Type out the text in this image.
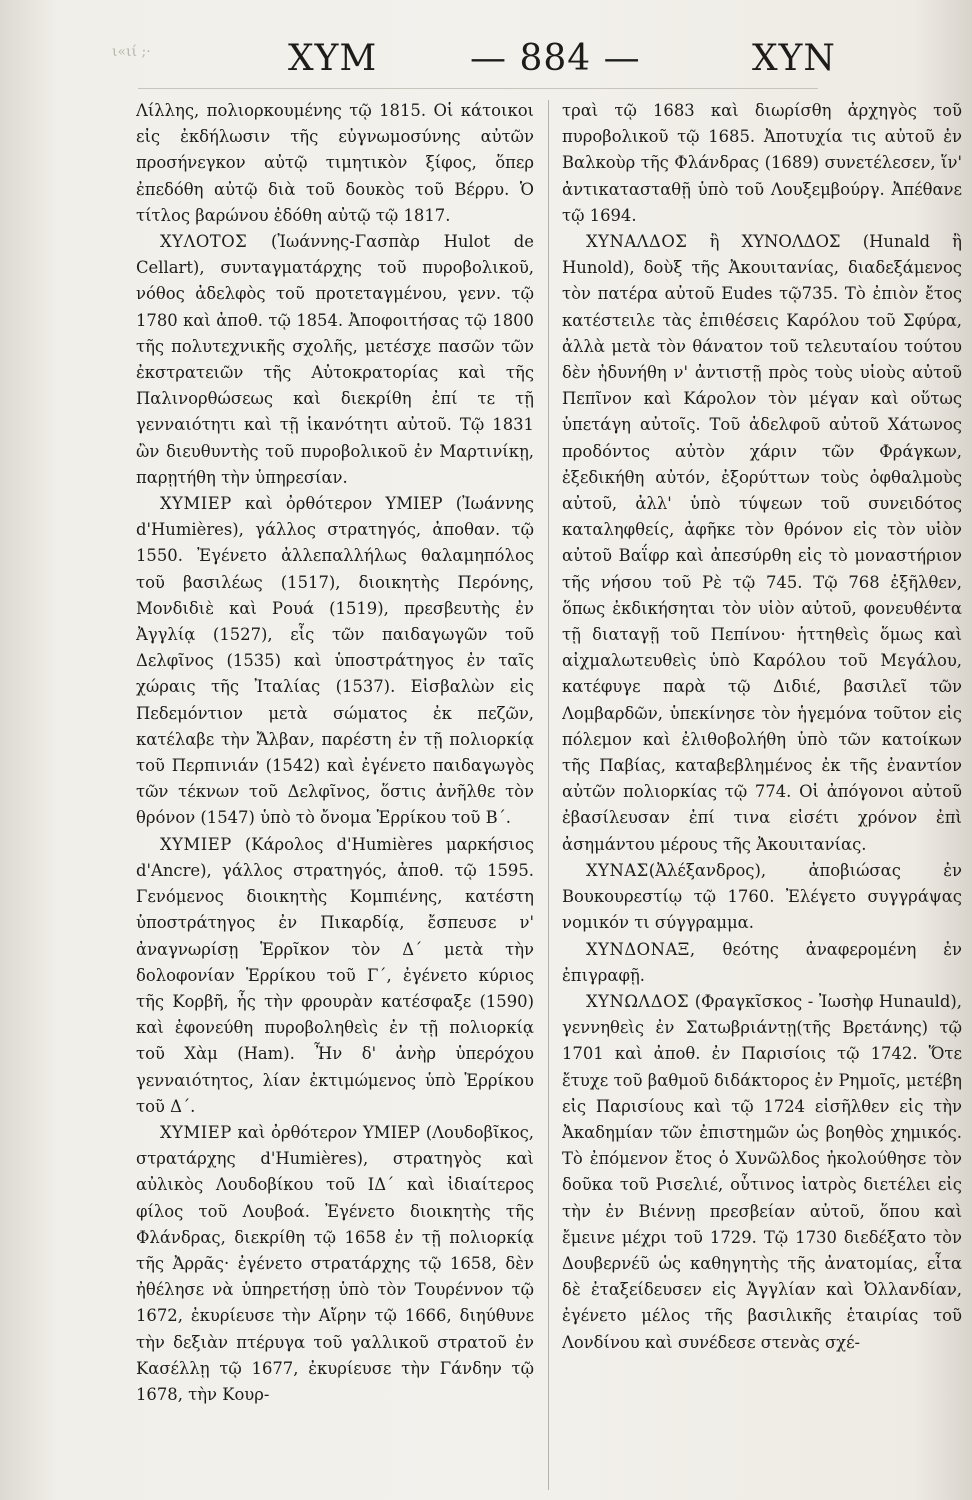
ι«ιί ;·	ΧΥΜ	— 884 —	ΧΥΝ

Λίλλης, πολιορκουμένης τῷ 1815. Οἱ κάτοικοι εἰς ἐκδήλωσιν τῆς εὐγνωμοσύνης αὐτῶν προσήνεγκον αὐτῷ τιμητικὸν ξίφος, ὅπερ ἐπεδόθη αὐτῷ διὰ τοῦ δουκὸς τοῦ Βέρρυ. Ὁ τίτλος βαρώνου ἐδόθη αὐτῷ τῷ 1817.

ΧΥΛΟΤΟΣ (Ἰωάννης-Γασπὰρ Hulot de Cellart), συνταγματάρχης τοῦ πυροβολικοῦ, νόθος ἀδελφὸς τοῦ προτεταγμένου, γενν. τῷ 1780 καὶ ἀποθ. τῷ 1854. Ἀποφοιτήσας τῷ 1800 τῆς πολυτεχνικῆς σχολῆς, μετέσχε πασῶν τῶν ἐκστρατειῶν τῆς Αὐτοκρατορίας καὶ τῆς Παλινορθώσεως καὶ διεκρίθη ἐπί τε τῇ γενναιότητι καὶ τῇ ἱκανότητι αὐτοῦ. Τῷ 1831 ὢν διευθυντὴς τοῦ πυροβολικοῦ ἐν Μαρτινίκῃ, παρῃτήθη τὴν ὑπηρεσίαν.

ΧΥΜΙΕΡ καὶ ὀρθότερον ΥΜΙΕΡ (Ἰωάννης d'Humières), γάλλος στρατηγός, ἀποθαν. τῷ 1550. Ἐγένετο ἀλλεπαλλήλως θαλαμηπόλος τοῦ βασιλέως (1517), διοικητὴς Περόνης, Μονδιδιὲ καὶ Ρουά (1519), πρεσβευτὴς ἐν Ἀγγλίᾳ (1527), εἷς τῶν παιδαγωγῶν τοῦ Δελφῖνος (1535) καὶ ὑποστράτηγος ἐν ταῖς χώραις τῆς Ἰταλίας (1537). Εἰσβαλὼν εἰς Πεδεμόντιον μετὰ σώματος ἐκ πεζῶν, κατέλαβε τὴν Ἄλβαν, παρέστη ἐν τῇ πολιορκίᾳ τοῦ Περπινιάν (1542) καὶ ἐγένετο παιδαγωγὸς τῶν τέκνων τοῦ Δελφῖνος, ὅστις ἀνῆλθε τὸν θρόνον (1547) ὑπὸ τὸ ὄνομα Ἑρρίκου τοῦ Β΄.

ΧΥΜΙΕΡ (Κάρολος d'Humières μαρκήσιος d'Ancre), γάλλος στρατηγός, ἀποθ. τῷ 1595. Γενόμενος διοικητὴς Κομπιένης, κατέστη ὑποστράτηγος ἐν Πικαρδίᾳ, ἔσπευσε ν' ἀναγνωρίσῃ Ἑρρῖκον τὸν Δ΄ μετὰ τὴν δολοφονίαν Ἑρρίκου τοῦ Γ΄, ἐγένετο κύριος τῆς Κορβῆ, ἧς τὴν φρουρὰν κατέσφαξε (1590) καὶ ἐφονεύθη πυροβοληθεὶς ἐν τῇ πολιορκίᾳ τοῦ Χὰμ (Ham). Ἦν δ' ἀνὴρ ὑπερόχου γενναιότητος, λίαν ἐκτιμώμενος ὑπὸ Ἑρρίκου τοῦ Δ΄.

ΧΥΜΙΕΡ καὶ ὀρθότερον ΥΜΙΕΡ (Λουδοβῖκος, στρατάρχης d'Humières), στρατηγὸς καὶ αὐλικὸς Λουδοβίκου τοῦ ΙΔ΄ καὶ ἰδιαίτερος φίλος τοῦ Λουβοά. Ἐγένετο διοικητὴς τῆς Φλάνδρας, διεκρίθη τῷ 1658 ἐν τῇ πολιορκίᾳ τῆς Ἀρρᾶς· ἐγένετο στρατάρχης τῷ 1658, δὲν ἠθέλησε νὰ ὑπηρετήσῃ ὑπὸ τὸν Τουρέννον τῷ 1672, ἐκυρίευσε τὴν Αἴρην τῷ 1666, διηύθυνε τὴν δεξιὰν πτέρυγα τοῦ γαλλικοῦ στρατοῦ ἐν Κασέλλῃ τῷ 1677, ἐκυρίευσε τὴν Γάνδην τῷ 1678, τὴν Κουρ-

τραὶ τῷ 1683 καὶ διωρίσθη ἀρχηγὸς τοῦ πυροβολικοῦ τῷ 1685. Ἀποτυχία τις αὐτοῦ ἐν Βαλκοὺρ τῆς Φλάνδρας (1689) συνετέλεσεν, ἵν' ἀντικατασταθῇ ὑπὸ τοῦ Λουξεμβούργ. Ἀπέθανε τῷ 1694.

ΧΥΝΑΛΔΟΣ ἢ ΧΥΝΟΛΔΟΣ (Hunald ἢ Hunold), δοὺξ τῆς Ἀκουιτανίας, διαδεξάμενος τὸν πατέρα αὐτοῦ Eudes τῷ735. Τὸ ἐπιὸν ἔτος κατέστειλε τὰς ἐπιθέσεις Καρόλου τοῦ Σφύρα, ἀλλὰ μετὰ τὸν θάνατον τοῦ τελευταίου τούτου δὲν ἠδυνήθη ν' ἀντιστῇ πρὸς τοὺς υἱοὺς αὐτοῦ Πεπῖνον καὶ Κάρολον τὸν μέγαν καὶ οὕτως ὑπετάγη αὐτοῖς. Τοῦ ἀδελφοῦ αὐτοῦ Χάτωνος προδόντος αὐτὸν χάριν τῶν Φράγκων, ἐξεδικήθη αὐτόν, ἐξορύττων τοὺς ὀφθαλμοὺς αὐτοῦ, ἀλλ' ὑπὸ τύψεων τοῦ συνειδότος καταληφθείς, ἀφῆκε τὸν θρόνον εἰς τὸν υἱὸν αὐτοῦ Βαΐφρ καὶ ἀπεσύρθη εἰς τὸ μοναστήριον τῆς νήσου τοῦ Ρὲ τῷ 745. Τῷ 768 ἐξῆλθεν, ὅπως ἐκδικήσηται τὸν υἱὸν αὐτοῦ, φονευθέντα τῇ διαταγῇ τοῦ Πεπίνου· ἡττηθεὶς ὅμως καὶ αἰχμαλωτευθεὶς ὑπὸ Καρόλου τοῦ Μεγάλου, κατέφυγε παρὰ τῷ Διδιέ, βασιλεῖ τῶν Λομβαρδῶν, ὑπεκίνησε τὸν ἡγεμόνα τοῦτον εἰς πόλεμον καὶ ἐλιθοβολήθη ὑπὸ τῶν κατοίκων τῆς Παβίας, καταβεβλημένος ἐκ τῆς ἐναντίον αὐτῶν πολιορκίας τῷ 774. Οἱ ἀπόγονοι αὐτοῦ ἐβασίλευσαν ἐπί τινα εἰσέτι χρόνον ἐπὶ ἀσημάντου μέρους τῆς Ἀκουιτανίας.

ΧΥΝΑΣ(Ἀλέξανδρος), ἀποβιώσας ἐν Βουκουρεστίῳ τῷ 1760. Ἐλέγετο συγγράψας νομικόν τι σύγγραμμα.

ΧΥΝΔΟΝΑΞ, θεότης ἀναφερομένη ἐν ἐπιγραφῇ.

ΧΥΝΩΛΔΟΣ (Φραγκῖσκος - Ἰωσὴφ Hunauld), γεννηθεὶς ἐν Σατωβριάντῃ(τῆς Βρετάνης) τῷ 1701 καὶ ἀποθ. ἐν Παρισίοις τῷ 1742. Ὅτε ἔτυχε τοῦ βαθμοῦ διδάκτορος ἐν Ρημοῖς, μετέβη εἰς Παρισίους καὶ τῷ 1724 εἰσῆλθεν εἰς τὴν Ἀκαδημίαν τῶν ἐπιστημῶν ὡς βοηθὸς χημικός. Τὸ ἐπόμενον ἔτος ὁ Χυνῶλδος ἠκολούθησε τὸν δοῦκα τοῦ Ρισελιέ, οὗτινος ἰατρὸς διετέλει εἰς τὴν ἐν Βιέννῃ πρεσβείαν αὐτοῦ, ὅπου καὶ ἔμεινε μέχρι τοῦ 1729. Τῷ 1730 διεδέξατο τὸν Δουβερνέῦ ὡς καθηγητὴς τῆς ἀνατομίας, εἶτα δὲ ἐταξείδευσεν εἰς Ἀγγλίαν καὶ Ὀλλανδίαν, ἐγένετο μέλος τῆς βασιλικῆς ἑταιρίας τοῦ Λονδίνου καὶ συνέδεσε στενὰς σχέ-
